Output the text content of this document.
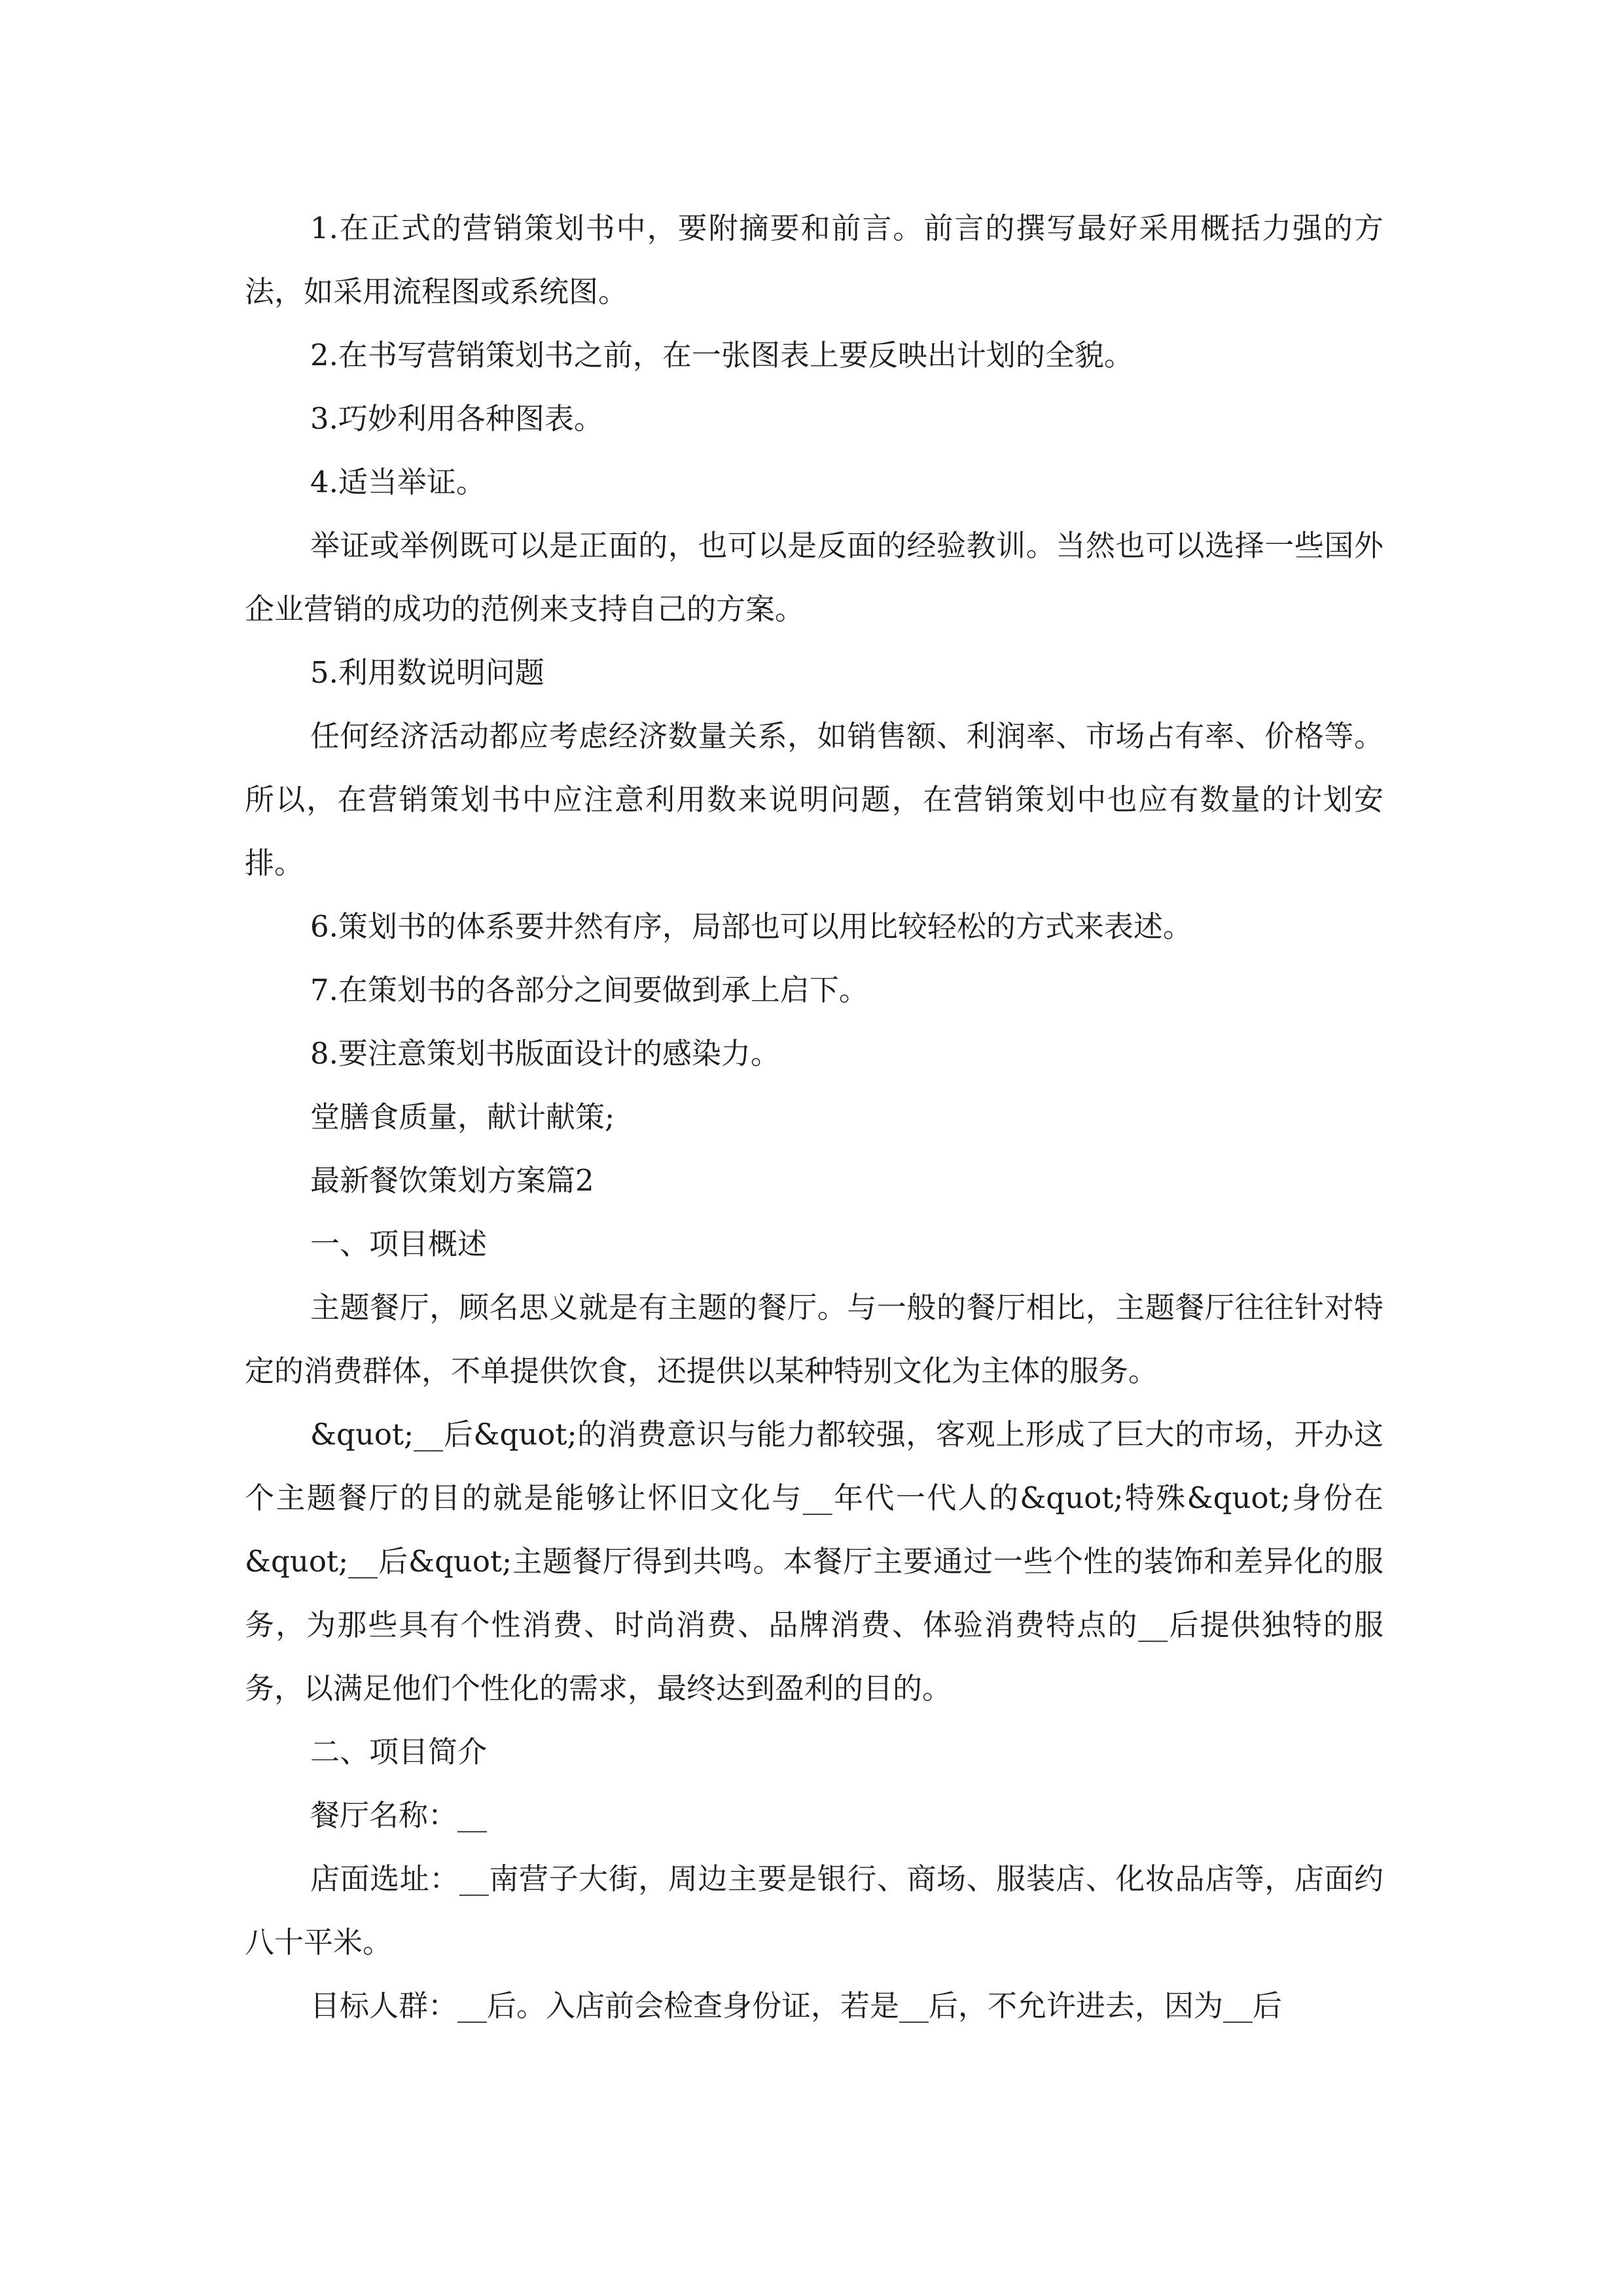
1.在正式的营销策划书中，要附摘要和前言。前言的撰写最好采用概括力强的方法，如采用流程图或系统图。

2.在书写营销策划书之前，在一张图表上要反映出计划的全貌。

3.巧妙利用各种图表。

4.适当举证。

举证或举例既可以是正面的，也可以是反面的经验教训。当然也可以选择一些国外企业营销的成功的范例来支持自己的方案。

5.利用数说明问题

任何经济活动都应考虑经济数量关系，如销售额、利润率、市场占有率、价格等。所以，在营销策划书中应注意利用数来说明问题，在营销策划中也应有数量的计划安排。

6.策划书的体系要井然有序，局部也可以用比较轻松的方式来表述。

7.在策划书的各部分之间要做到承上启下。

8.要注意策划书版面设计的感染力。

堂膳食质量，献计献策;

最新餐饮策划方案篇2

一、项目概述

主题餐厅，顾名思义就是有主题的餐厅。与一般的餐厅相比，主题餐厅往往针对特定的消费群体，不单提供饮食，还提供以某种特别文化为主体的服务。

&quot;__后&quot;的消费意识与能力都较强，客观上形成了巨大的市场，开办这个主题餐厅的目的就是能够让怀旧文化与__年代一代人的&quot;特殊&quot;身份在&quot;__后&quot;主题餐厅得到共鸣。本餐厅主要通过一些个性的装饰和差异化的服务，为那些具有个性消费、时尚消费、品牌消费、体验消费特点的__后提供独特的服务，以满足他们个性化的需求，最终达到盈利的目的。

二、项目简介

餐厅名称：__

店面选址：__南营子大街，周边主要是银行、商场、服装店、化妆品店等，店面约八十平米。

目标人群：__后。入店前会检查身份证，若是__后，不允许进去，因为__后
